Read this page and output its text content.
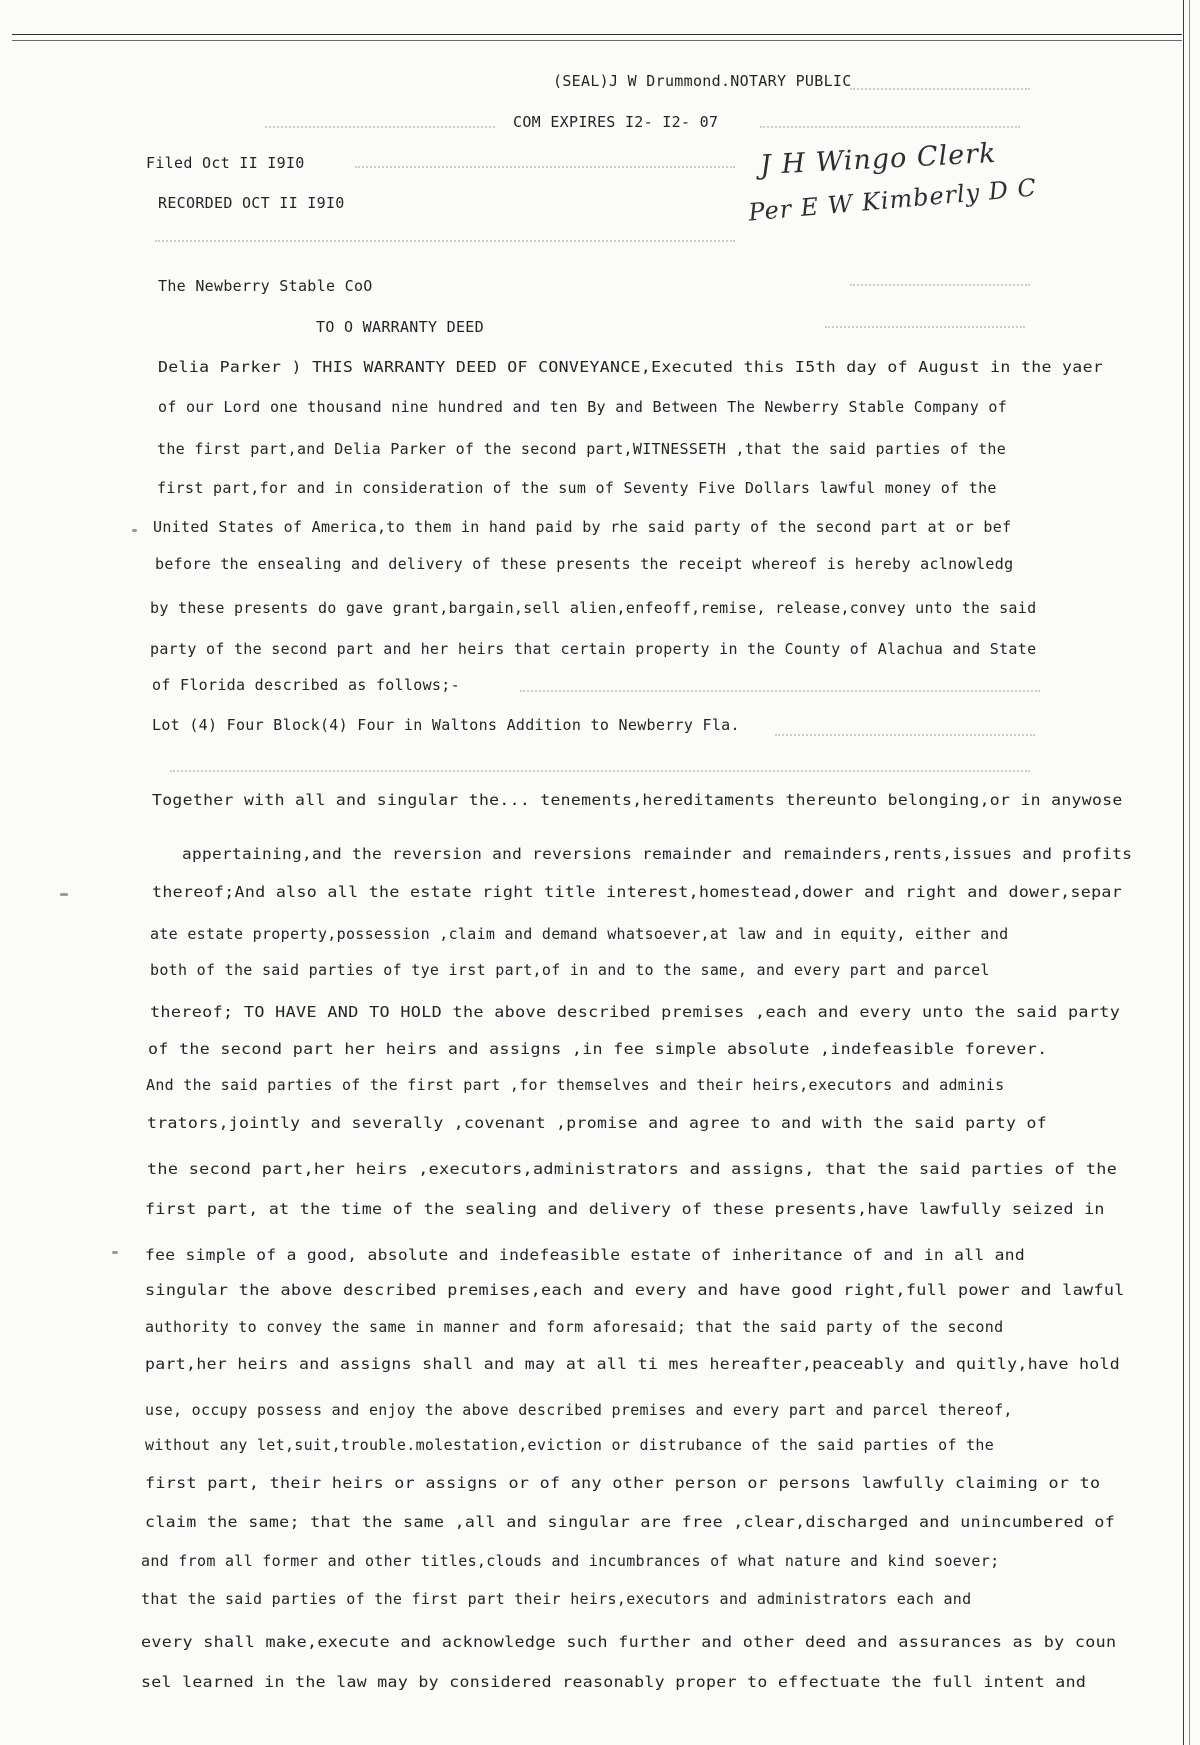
(SEAL)J W Drummond.NOTARY PUBLIC
COM EXPIRES I2- I2- 07
Filed Oct II I9I0
RECORDED OCT II I9I0
J H Wingo Clerk
Per E W Kimberly D C
The Newberry Stable CoO
TO O WARRANTY DEED
Delia Parker ) THIS WARRANTY DEED OF CONVEYANCE,Executed this I5th day of August in the yaer
of our Lord one thousand nine hundred and ten By and Between The Newberry Stable Company of
the first part,and Delia Parker of the second part,WITNESSETH ,that the said parties of the
first part,for and in consideration of the sum of Seventy Five Dollars lawful money of the
United States of America,to them in hand paid by rhe said party of the second part at or bef
before the ensealing and delivery of these presents the receipt whereof is hereby aclnowledg
by these presents do gave grant,bargain,sell alien,enfeoff,remise, release,convey unto the said
party of the second part and her heirs that certain property in the County of Alachua and State
of Florida described as follows;-
Lot (4) Four Block(4) Four in Waltons Addition to Newberry Fla.
Together with all and singular the... tenements,hereditaments thereunto belonging,or in anywose
appertaining,and the reversion and reversions remainder and remainders,rents,issues and profits
thereof;And also all the estate right title interest,homestead,dower and right and dower,separ
ate estate property,possession ,claim and demand whatsoever,at law and in equity, either and
both of the said parties of tye irst part,of in and to the same, and every part and parcel
thereof; TO HAVE AND TO HOLD the above described premises ,each and every unto the said party
of the second part her heirs and assigns ,in fee simple absolute ,indefeasible forever.
And the said parties of the first part ,for themselves and their heirs,executors and adminis
trators,jointly and severally ,covenant ,promise and agree to and with the said party of
the second part,her heirs ,executors,administrators and assigns, that the said parties of the
first part, at the time of the sealing and delivery of these presents,have lawfully seized in
fee simple of a good, absolute and indefeasible estate of inheritance of and in all and
singular the above described premises,each and every and have good right,full power and lawful
authority to convey the same in manner and form aforesaid; that the said party of the second
part,her heirs and assigns shall and may at all ti mes hereafter,peaceably and quitly,have hold
use, occupy possess and enjoy the above described premises and every part and parcel thereof,
without any let,suit,trouble.molestation,eviction or distrubance of the said parties of the
first part, their heirs or assigns or of any other person or persons lawfully claiming or to
claim the same; that the same ,all and singular are free ,clear,discharged and unincumbered of
and from all former and other titles,clouds and incumbrances of what nature and kind soever;
that the said parties of the first part their heirs,executors and administrators each and
every shall make,execute and acknowledge such further and other deed and assurances as by coun
sel learned in the law may by considered reasonably proper to effectuate the full intent and
